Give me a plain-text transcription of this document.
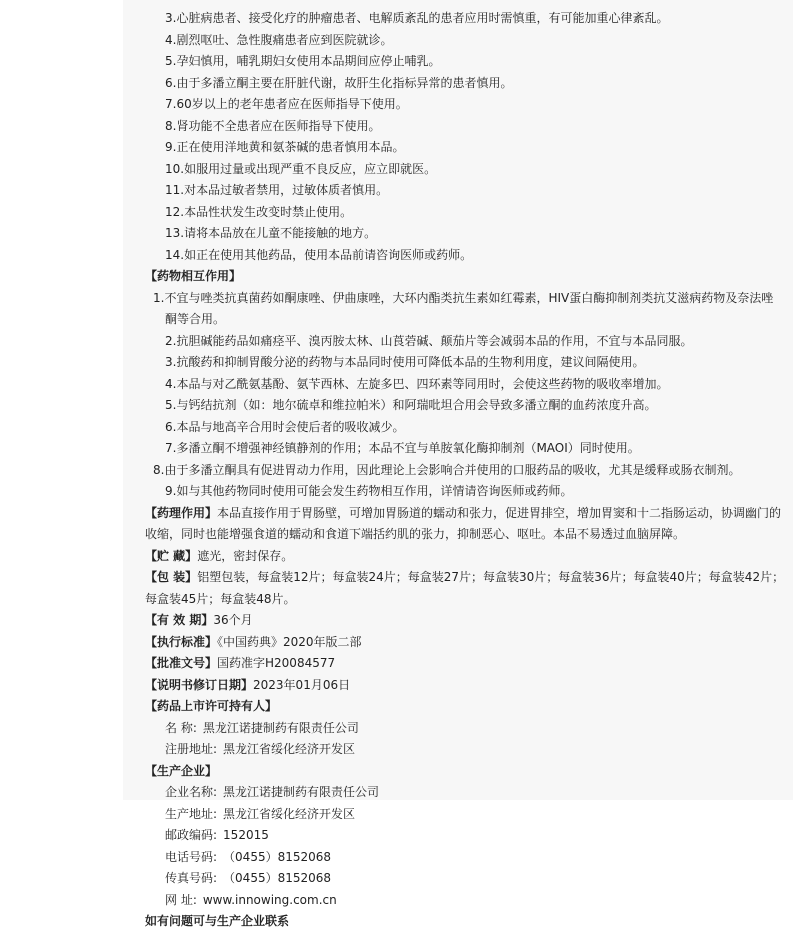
3.心脏病患者、接受化疗的肿瘤患者、电解质紊乱的患者应用时需慎重，有可能加重心律紊乱。
4.剧烈呕吐、急性腹痛患者应到医院就诊。
5.孕妇慎用，哺乳期妇女使用本品期间应停止哺乳。
6.由于多潘立酮主要在肝脏代谢，故肝生化指标异常的患者慎用。
7.60岁以上的老年患者应在医师指导下使用。
8.肾功能不全患者应在医师指导下使用。
9.正在使用洋地黄和氨茶碱的患者慎用本品。
10.如服用过量或出现严重不良反应，应立即就医。
11.对本品过敏者禁用，过敏体质者慎用。
12.本品性状发生改变时禁止使用。
13.请将本品放在儿童不能接触的地方。
14.如正在使用其他药品，使用本品前请咨询医师或药师。
【药物相互作用】
1.不宜与唑类抗真菌药如酮康唑、伊曲康唑，大环内酯类抗生素如红霉素，HIV蛋白酶抑制剂类抗艾滋病药物及奈法唑酮等合用。
2.抗胆碱能药品如痛痉平、溴丙胺太林、山莨菪碱、颠茄片等会减弱本品的作用，不宜与本品同服。
3.抗酸药和抑制胃酸分泌的药物与本品同时使用可降低本品的生物利用度，建议间隔使用。
4.本品与对乙酰氨基酚、氨苄西林、左旋多巴、四环素等同用时，会使这些药物的吸收率增加。
5.与钙结抗剂（如：地尔硫卓和维拉帕米）和阿瑞吡坦合用会导致多潘立酮的血药浓度升高。
6.本品与地高辛合用时会使后者的吸收减少。
7.多潘立酮不增强神经镇静剂的作用；本品不宜与单胺氧化酶抑制剂（MAOI）同时使用。
8.由于多潘立酮具有促进胃动力作用，因此理论上会影响合并使用的口服药品的吸收，尤其是缓释或肠衣制剂。
9.如与其他药物同时使用可能会发生药物相互作用，详情请咨询医师或药师。
【药理作用】本品直接作用于胃肠壁，可增加胃肠道的蠕动和张力，促进胃排空，增加胃窦和十二指肠运动，协调幽门的收缩，同时也能增强食道的蠕动和食道下端括约肌的张力，抑制恶心、呕吐。本品不易透过血脑屏障。
【贮 藏】遮光，密封保存。
【包 装】铝塑包装，每盒装12片；每盒装24片；每盒装27片；每盒装30片；每盒装36片；每盒装40片；每盒装42片；每盒装45片；每盒装48片。
【有 效 期】36个月
【执行标准】《中国药典》2020年版二部
【批准文号】国药准字H20084577
【说明书修订日期】2023年01月06日
【药品上市许可持有人】
名 称: 黑龙江诺捷制药有限责任公司
注册地址: 黑龙江省绥化经济开发区
【生产企业】
企业名称: 黑龙江诺捷制药有限责任公司
生产地址: 黑龙江省绥化经济开发区
邮政编码: 152015
电话号码: （0455）8152068
传真号码: （0455）8152068
网 址: www.innowing.com.cn
如有问题可与生产企业联系
